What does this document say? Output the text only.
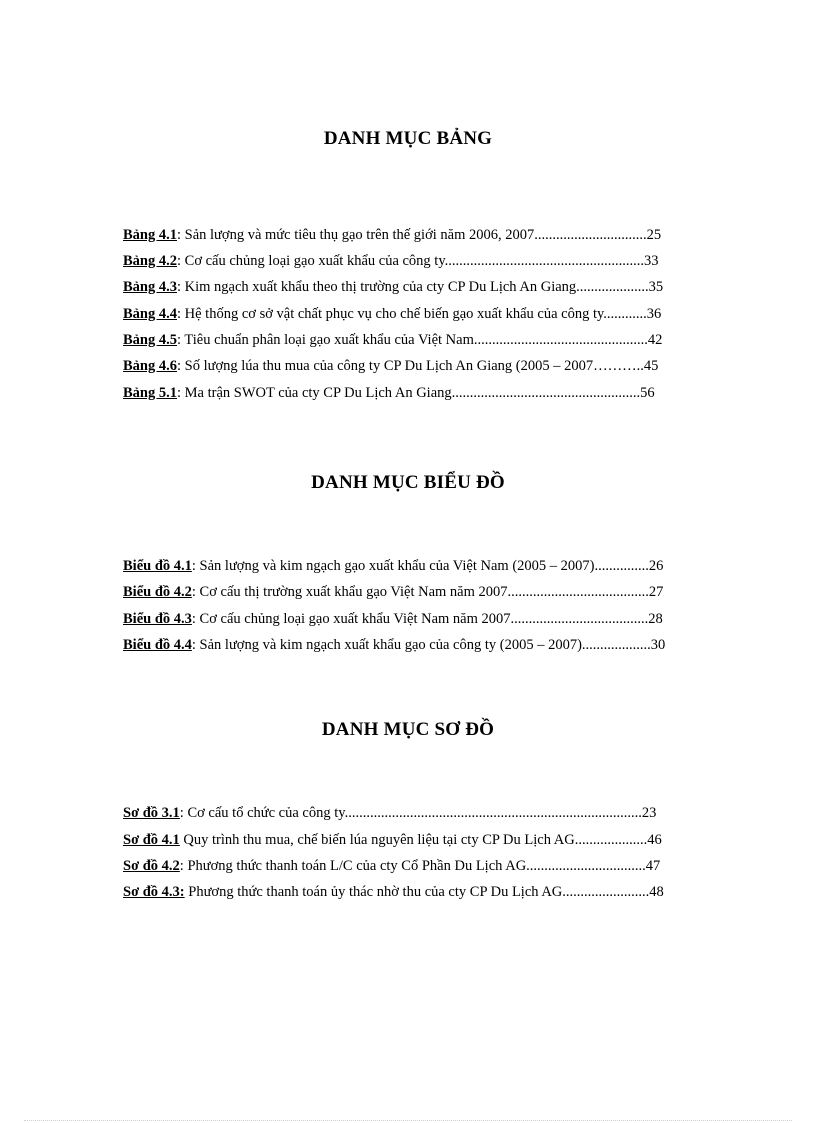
DANH MỤC BẢNG
Bảng 4.1: Sản lượng và mức tiêu thụ gạo trên thế giới năm 2006, 2007...............................25
Bảng 4.2: Cơ cấu chủng loại gạo xuất khẩu của công ty.......................................................33
Bảng 4.3: Kim ngạch xuất khẩu theo thị trường của cty CP Du Lịch An Giang....................35
Bảng 4.4: Hệ thống cơ sở vật chất phục vụ cho chế biến gạo xuất khẩu của công ty............36
Bảng 4.5: Tiêu chuẩn phân loại gạo xuất khẩu của Việt Nam................................................42
Bảng 4.6: Số lượng lúa thu mua của công ty CP Du Lịch An Giang (2005 – 2007………..45
Bảng 5.1: Ma trận SWOT của cty CP Du Lịch An Giang....................................................56
DANH MỤC BIỂU ĐỒ
Biểu đồ 4.1: Sản lượng và kim ngạch gạo xuất khẩu của Việt Nam (2005 – 2007)...............26
Biểu đồ 4.2: Cơ cấu thị trường xuất khẩu gạo Việt Nam năm 2007.......................................27
Biểu đồ 4.3: Cơ cấu chủng loại gạo xuất khẩu Việt Nam năm 2007......................................28
Biểu đồ 4.4: Sản lượng và kim ngạch xuất khẩu gạo của công ty (2005 – 2007)...................30
DANH MỤC SƠ ĐỒ
Sơ đồ 3.1: Cơ cấu tổ chức của công ty..................................................................................23
Sơ đồ 4.1 Quy trình thu mua, chế biến lúa nguyên liệu tại cty CP Du Lịch AG....................46
Sơ đồ 4.2: Phương thức thanh toán L/C của cty Cổ Phần Du Lịch AG.................................47
Sơ đồ 4.3: Phương thức thanh toán ủy thác nhờ thu của cty CP Du Lịch AG........................48
